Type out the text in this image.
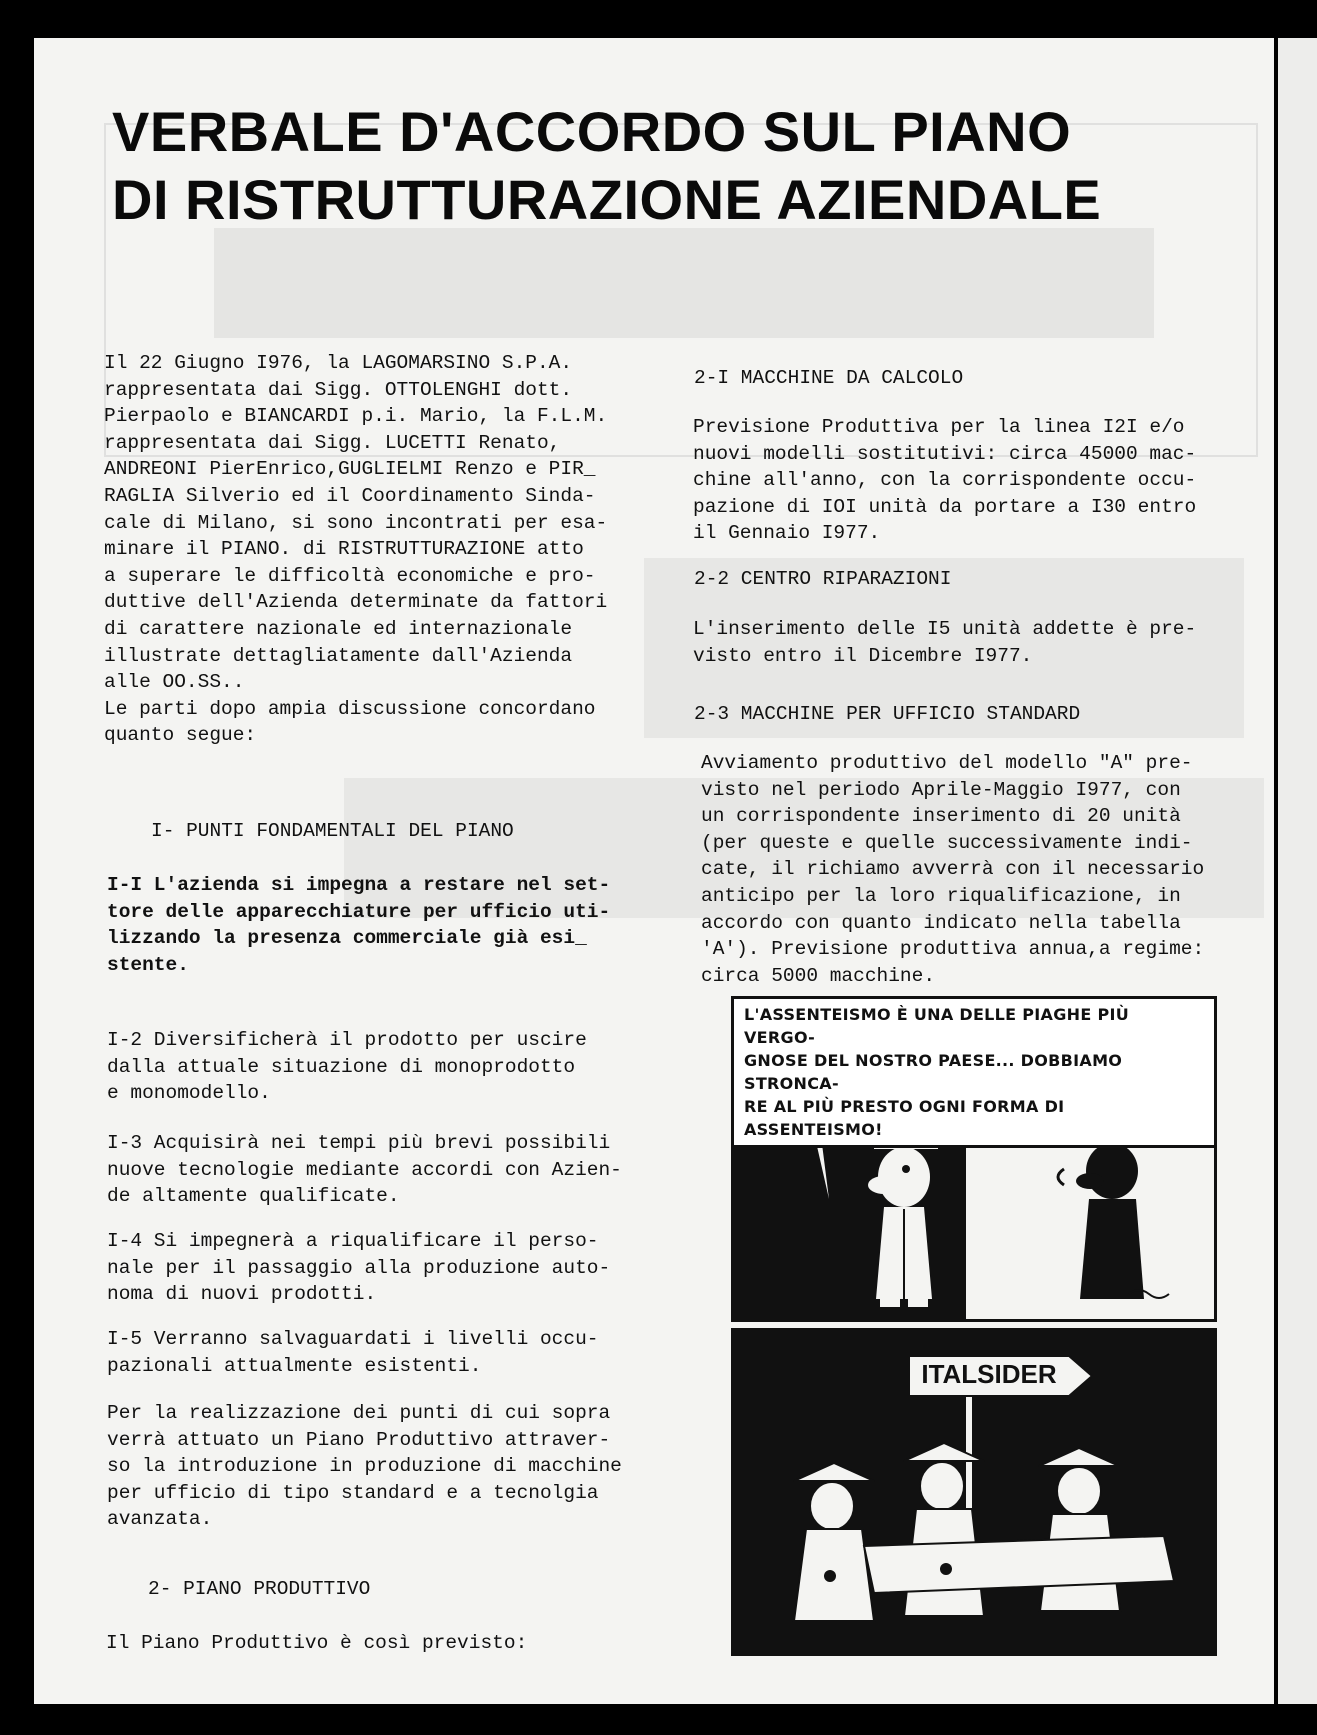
VERBALE D'ACCORDO SUL PIANO
DI RISTRUTTURAZIONE AZIENDALE

Il 22 Giugno I976, la LAGOMARSINO S.P.A.
rappresentata dai Sigg. OTTOLENGHI dott.
Pierpaolo e BIANCARDI p.i. Mario, la F.L.M.
rappresentata dai Sigg. LUCETTI Renato,
ANDREONI PierEnrico,GUGLIELMI Renzo e PIR_
RAGLIA Silverio ed il Coordinamento Sinda-
cale di Milano, si sono incontrati per esa-
minare il PIANO. di RISTRUTTURAZIONE atto
a superare le difficoltà economiche e pro-
duttive dell'Azienda determinate da fattori
di carattere nazionale ed internazionale
illustrate dettagliatamente dall'Azienda
alle OO.SS..
Le parti dopo ampia discussione concordano
quanto segue:

I- PUNTI FONDAMENTALI DEL PIANO

I-I L'azienda si impegna a restare nel set-
tore delle apparecchiature per ufficio uti-
lizzando la presenza commerciale già esi_
stente.

I-2 Diversificherà il prodotto per uscire
dalla attuale situazione di monoprodotto
e monomodello.

I-3 Acquisirà nei tempi più brevi possibili
nuove tecnologie mediante accordi con Azien-
de altamente qualificate.

I-4 Si impegnerà a riqualificare il perso-
nale per il passaggio alla produzione auto-
noma di nuovi prodotti.

I-5 Verranno salvaguardati i livelli occu-
pazionali attualmente esistenti.

Per la realizzazione dei punti di cui sopra
verrà attuato un Piano Produttivo attraver-
so la introduzione in produzione di macchine
per ufficio di tipo standard e a tecnolgia
avanzata.

2- PIANO PRODUTTIVO

Il Piano Produttivo è così previsto:

2-I MACCHINE DA CALCOLO

Previsione Produttiva per la linea I2I e/o
nuovi modelli sostitutivi: circa 45000 mac-
chine all'anno, con la corrispondente occu-
pazione di IOI unità da portare a I30 entro
il Gennaio I977.

2-2 CENTRO RIPARAZIONI

L'inserimento delle I5 unità addette è pre-
visto entro il Dicembre I977.

2-3 MACCHINE PER UFFICIO STANDARD

Avviamento produttivo del modello "A" pre-
visto nel periodo Aprile-Maggio I977, con
un corrispondente inserimento di 20 unità
(per queste e quelle successivamente indi-
cate, il richiamo avverrà con il necessario
anticipo per la loro riqualificazione, in
accordo con quanto indicato nella tabella
'A'). Previsione produttiva annua,a regime:
circa 5000 macchine.

L'ASSENTEISMO È UNA DELLE PIAGHE PIÙ VERGO-
GNOSE DEL NOSTRO PAESE... DOBBIAMO STRONCA-
RE AL PIÙ PRESTO OGNI FORMA DI ASSENTEISMO!
ITALSIDER
